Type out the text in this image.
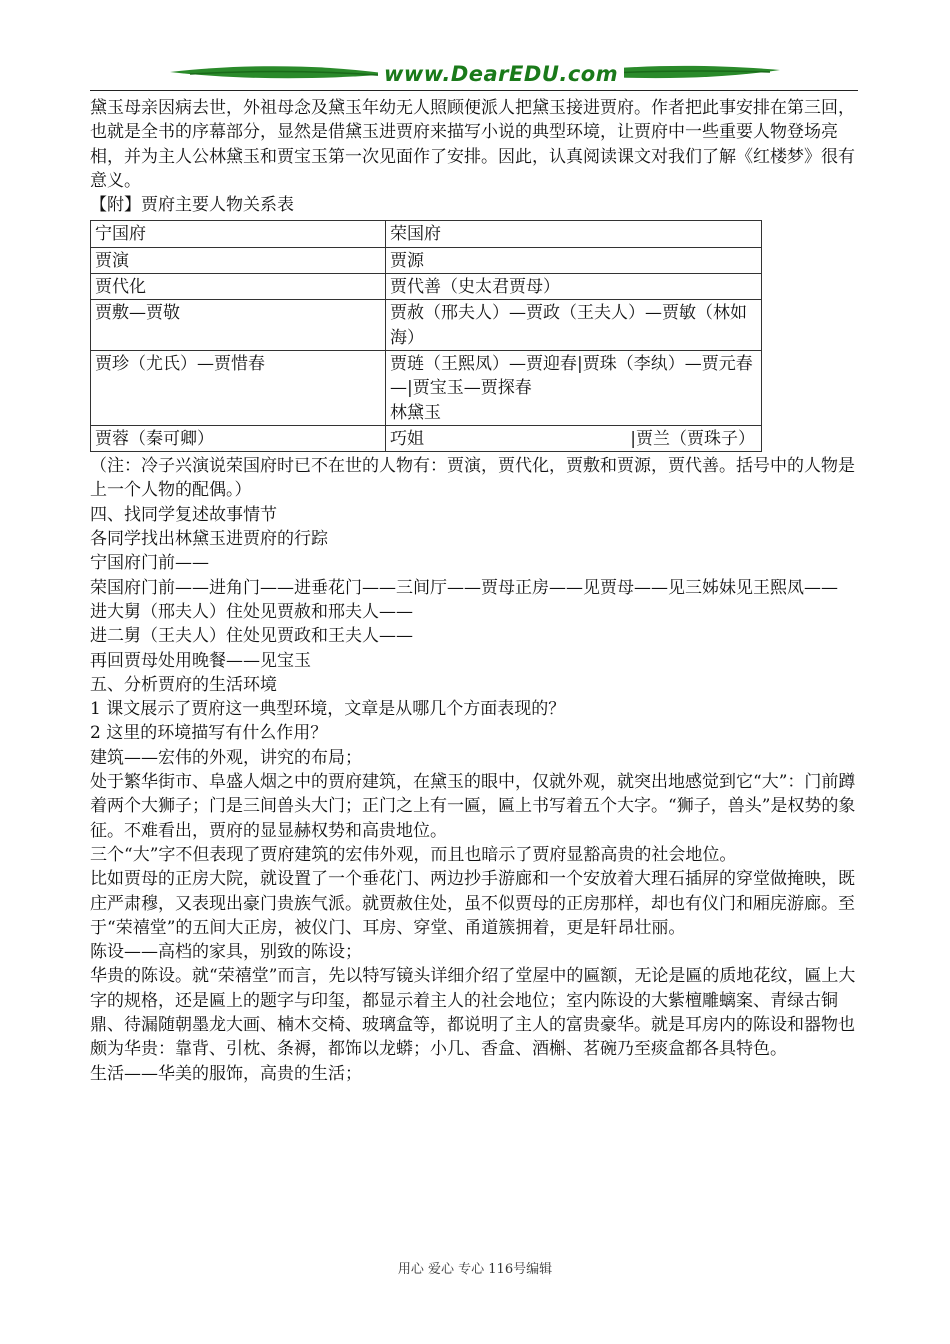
www.DearEDU.com

黛玉母亲因病去世，外祖母念及黛玉年幼无人照顾便派人把黛玉接进贾府。作者把此事安排在第三回，也就是全书的序幕部分，显然是借黛玉进贾府来描写小说的典型环境，让贾府中一些重要人物登场亮相，并为主人公林黛玉和贾宝玉第一次见面作了安排。因此，认真阅读课文对我们了解《红楼梦》很有意义。

【附】贾府主要人物关系表

宁国府	荣国府
贾演	贾源
贾代化	贾代善（史太君贾母）
贾敷—贾敬	贾赦（邢夫人）—贾政（王夫人）—贾敏（林如海）
贾珍（尤氏）—贾惜春	贾琏（王熙凤）—贾迎春|贾珠（李纨）—贾元春—|贾宝玉—贾探春
林黛玉

贾蓉（秦可卿）	巧姐 |贾兰（贾珠子）

（注：冷子兴演说荣国府时已不在世的人物有：贾演，贾代化，贾敷和贾源，贾代善。括号中的人物是上一个人物的配偶。）

四、找同学复述故事情节

各同学找出林黛玉进贾府的行踪

宁国府门前——

荣国府门前——进角门——进垂花门——三间厅——贾母正房——见贾母——见三姊妹见王熙凤——

进大舅（邢夫人）住处见贾赦和邢夫人——

进二舅（王夫人）住处见贾政和王夫人——

再回贾母处用晚餐——见宝玉

五、分析贾府的生活环境

1 课文展示了贾府这一典型环境，文章是从哪几个方面表现的？

2 这里的环境描写有什么作用？

建筑——宏伟的外观，讲究的布局；

处于繁华街市、阜盛人烟之中的贾府建筑，在黛玉的眼中，仅就外观，就突出地感觉到它“大”：门前蹲着两个大狮子；门是三间兽头大门；正门之上有一匾，匾上书写着五个大字。“狮子，兽头”是权势的象征。不难看出，贾府的显显赫权势和高贵地位。

三个“大”字不但表现了贾府建筑的宏伟外观，而且也暗示了贾府显豁高贵的社会地位。

比如贾母的正房大院，就设置了一个垂花门、两边抄手游廊和一个安放着大理石插屏的穿堂做掩映，既庄严肃穆，又表现出豪门贵族气派。就贾赦住处，虽不似贾母的正房那样，却也有仪门和厢庑游廊。至于“荣禧堂”的五间大正房，被仪门、耳房、穿堂、甬道簇拥着，更是轩昂壮丽。

陈设——高档的家具，别致的陈设；

华贵的陈设。就“荣禧堂”而言，先以特写镜头详细介绍了堂屋中的匾额，无论是匾的质地花纹，匾上大字的规格，还是匾上的题字与印玺，都显示着主人的社会地位；室内陈设的大紫檀雕螭案、青绿古铜鼎、待漏随朝墨龙大画、楠木交椅、玻璃盒等，都说明了主人的富贵豪华。就是耳房内的陈设和器物也颇为华贵：靠背、引枕、条褥，都饰以龙蟒；小几、香盒、酒槲、茗碗乃至痰盒都各具特色。

生活——华美的服饰，高贵的生活；

用心 爱心 专心 116号编辑
